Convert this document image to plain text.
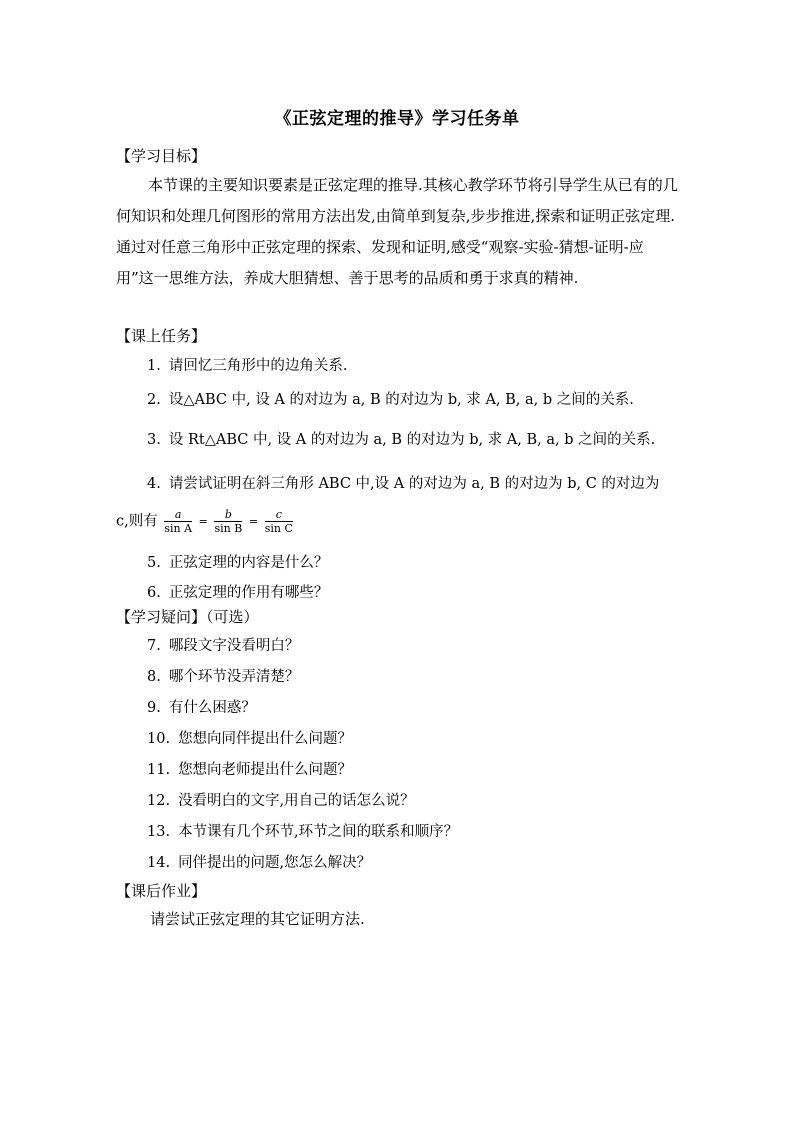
《正弦定理的推导》学习任务单
【学习目标】
本节课的主要知识要素是正弦定理的推导.其核心教学环节将引导学生从已有的几何知识和处理几何图形的常用方法出发,由简单到复杂,步步推进,探索和证明正弦定理.通过对任意三角形中正弦定理的探索、发现和证明,感受“观察-实验-猜想-证明-应用”这一思维方法，养成大胆猜想、善于思考的品质和勇于求真的精神.
【课上任务】
1. 请回忆三角形中的边角关系.
2. 设△ABC 中, 设 A 的对边为 a, B 的对边为 b, 求 A, B, a, b 之间的关系.
3. 设 Rt△ABC 中, 设 A 的对边为 a, B 的对边为 b, 求 A, B, a, b 之间的关系.
4. 请尝试证明在斜三角形 ABC 中,设 A 的对边为 a, B 的对边为 b, C 的对边为
c,则有 $\frac{a}{\text{sin A}} = \frac{b}{\text{sin B}} = \frac{c}{\text{sin C}}$
5. 正弦定理的内容是什么？
6. 正弦定理的作用有哪些？
【学习疑问】（可选）
7. 哪段文字没看明白？
8. 哪个环节没弄清楚？
9. 有什么困惑？
10. 您想向同伴提出什么问题？
11. 您想向老师提出什么问题？
12. 没看明白的文字,用自己的话怎么说？
13. 本节课有几个环节,环节之间的联系和顺序？
14. 同伴提出的问题,您怎么解决？
【课后作业】
请尝试正弦定理的其它证明方法.
